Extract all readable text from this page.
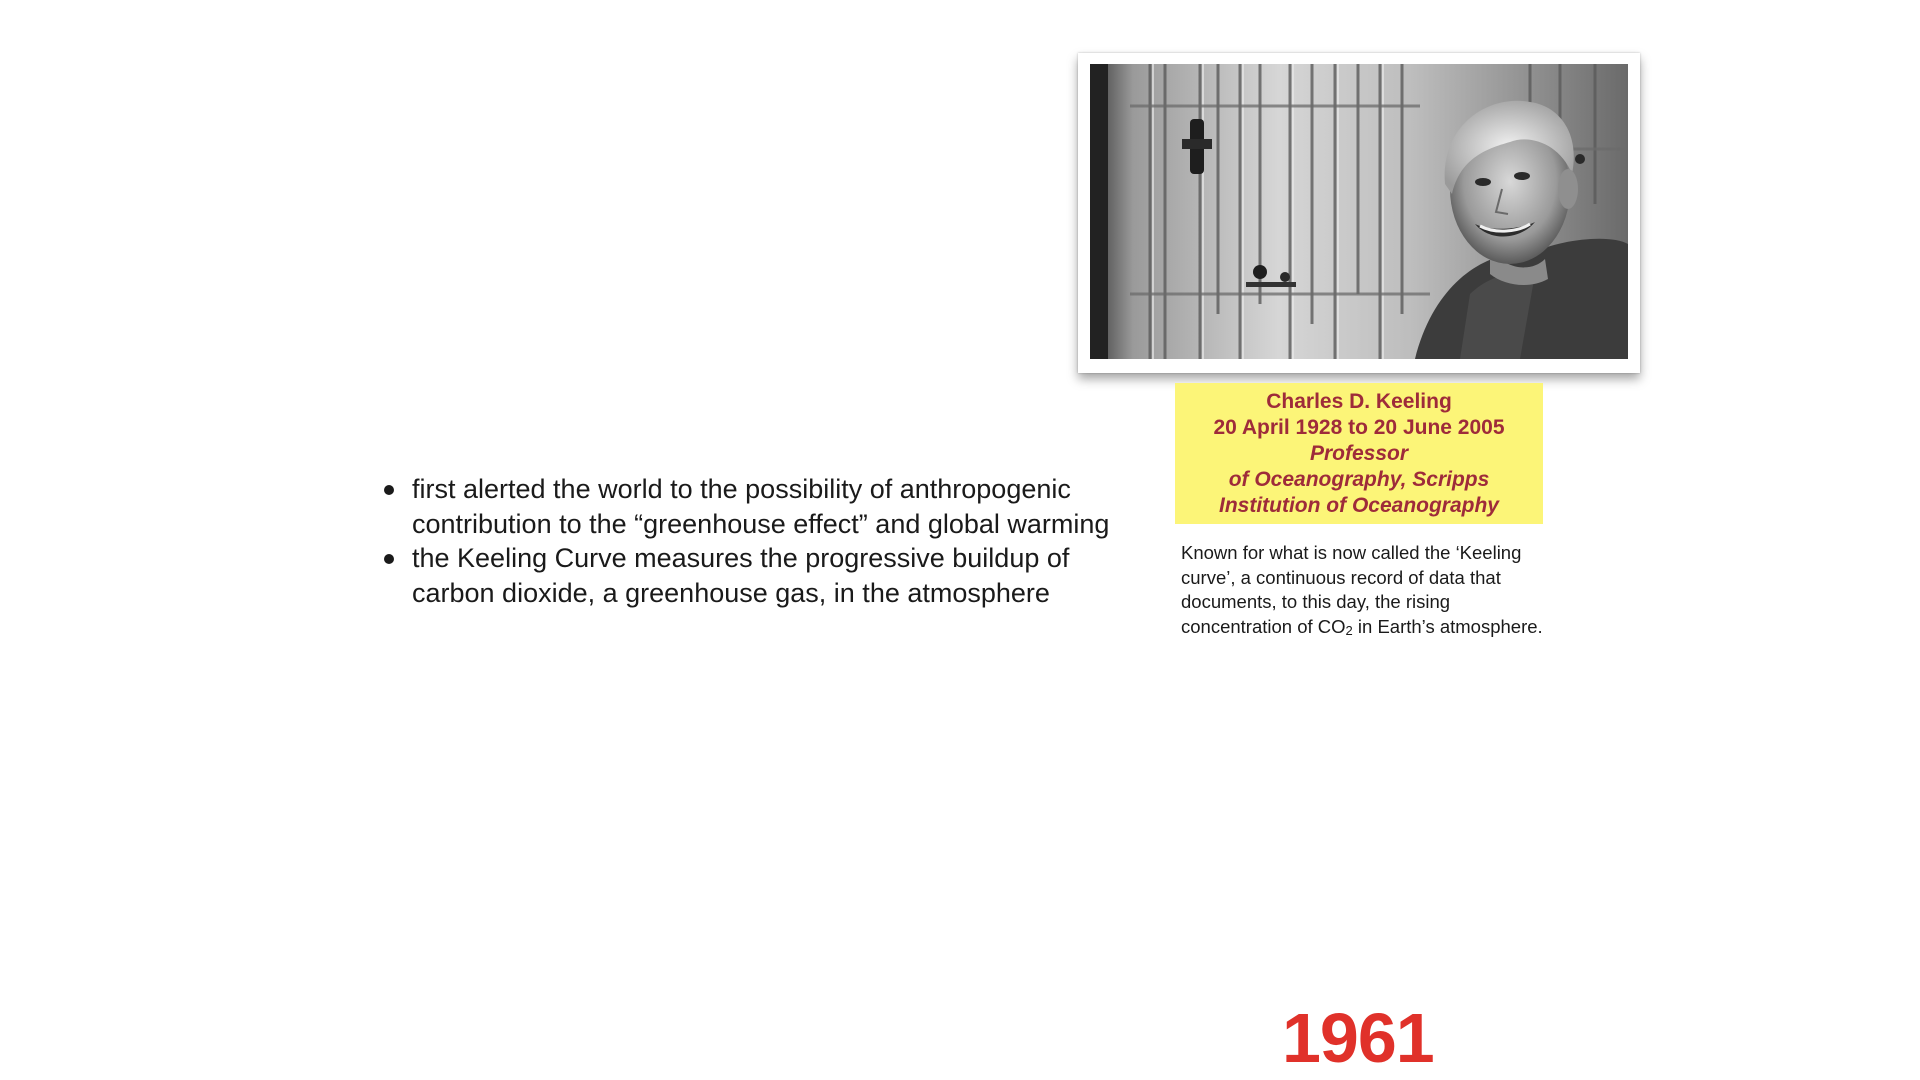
first alerted the world to the possibility of anthropogenic contribution to the “greenhouse effect” and global warming
the Keeling Curve measures the progressive buildup of carbon dioxide, a greenhouse gas, in the atmosphere
Charles D. Keeling
20 April 1928 to 20 June 2005
Professor
of Oceanography, Scripps
Institution of Oceanography
Known for what is now called the ‘Keeling curve’, a continuous record of data that documents, to this day, the rising concentration of $CO_2$ in Earth’s atmosphere.
1961
